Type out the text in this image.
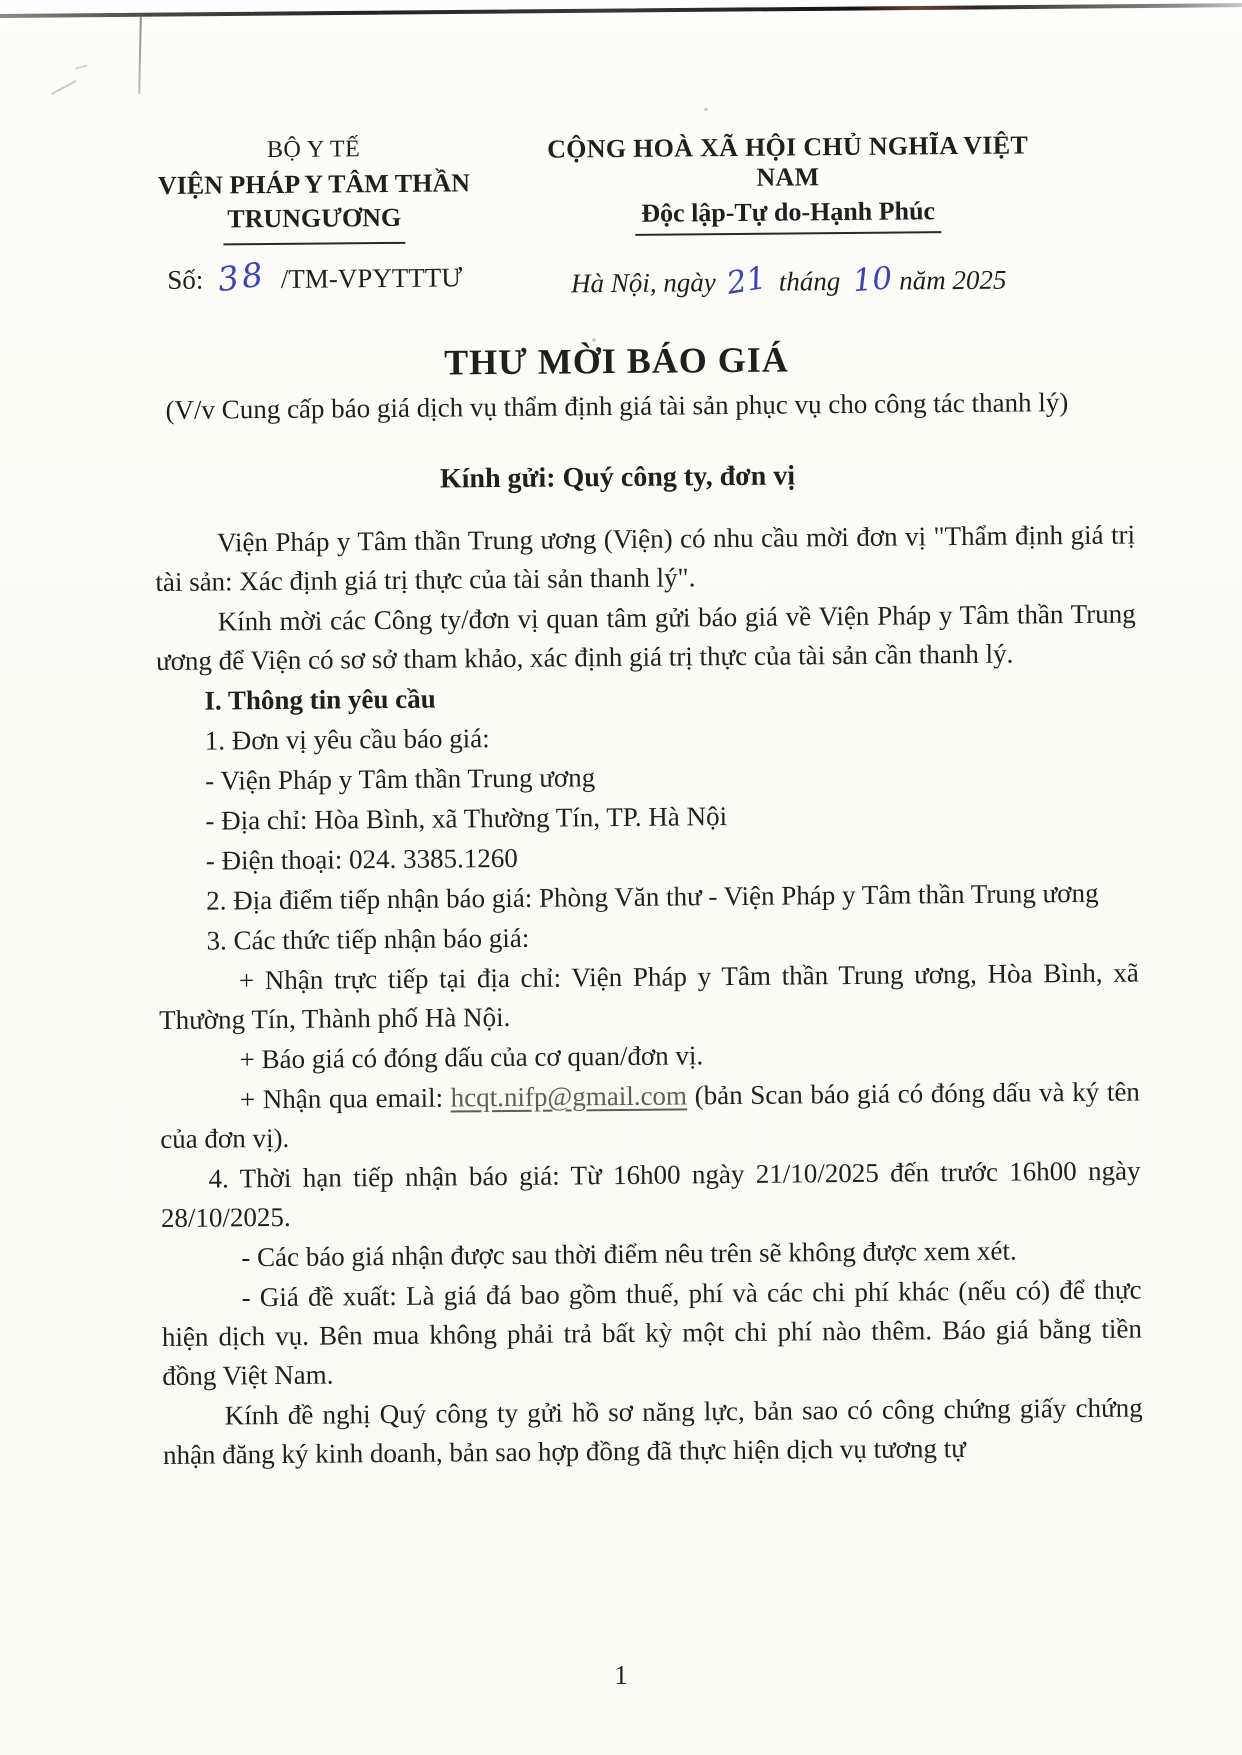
BỘ Y TẾ
VIỆN PHÁP Y TÂM THẦN
TRUNGƯƠNG
Số: 38 /TM-VPYTTTƯ
CỘNG HOÀ XÃ HỘI CHỦ NGHĨA VIỆT NAM
Độc lập-Tự do-Hạnh Phúc
Hà Nội, ngày 21 tháng 10 năm 2025
THƯ MỜI BÁO GIÁ
(V/v Cung cấp báo giá dịch vụ thẩm định giá tài sản phục vụ cho công tác thanh lý)
Kính gửi: Quý công ty, đơn vị

Viện Pháp y Tâm thần Trung ương (Viện) có nhu cầu mời đơn vị "Thẩm định giá trị tài sản: Xác định giá trị thực của tài sản thanh lý".

Kính mời các Công ty/đơn vị quan tâm gửi báo giá về Viện Pháp y Tâm thần Trung ương để Viện có sơ sở tham khảo, xác định giá trị thực của tài sản cần thanh lý.

I. Thông tin yêu cầu

1. Đơn vị yêu cầu báo giá:

- Viện Pháp y Tâm thần Trung ương

- Địa chỉ: Hòa Bình, xã Thường Tín, TP. Hà Nội

- Điện thoại: 024. 3385.1260

2. Địa điểm tiếp nhận báo giá: Phòng Văn thư - Viện Pháp y Tâm thần Trung ương

3. Các thức tiếp nhận báo giá:

+ Nhận trực tiếp tại địa chỉ: Viện Pháp y Tâm thần Trung ương, Hòa Bình, xã Thường Tín, Thành phố Hà Nội.

+ Báo giá có đóng dấu của cơ quan/đơn vị.

+ Nhận qua email: hcqt.nifp@gmail.com (bản Scan báo giá có đóng dấu và ký tên của đơn vị).

4. Thời hạn tiếp nhận báo giá: Từ 16h00 ngày 21/10/2025 đến trước 16h00 ngày 28/10/2025.

- Các báo giá nhận được sau thời điểm nêu trên sẽ không được xem xét.

- Giá đề xuất: Là giá đá bao gồm thuế, phí và các chi phí khác (nếu có) để thực hiện dịch vụ. Bên mua không phải trả bất kỳ một chi phí nào thêm. Báo giá bằng tiền đồng Việt Nam.

Kính đề nghị Quý công ty gửi hồ sơ năng lực, bản sao có công chứng giấy chứng nhận đăng ký kinh doanh, bản sao hợp đồng đã thực hiện dịch vụ tương tự

1
